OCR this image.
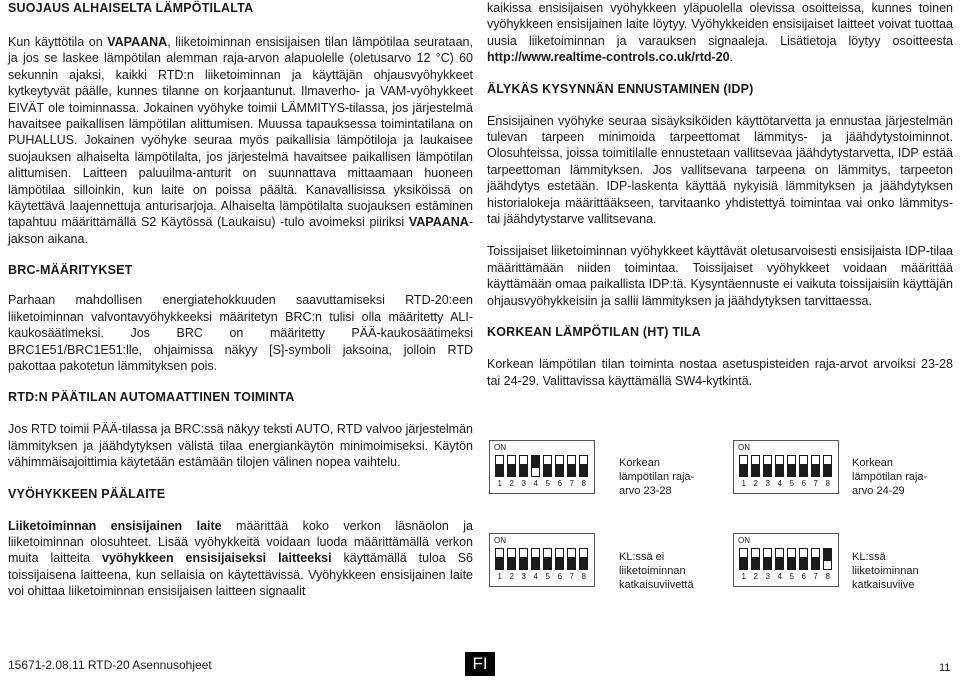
SUOJAUS ALHAISELTA LÄMPÖTILALTA

Kun käyttötila on VAPAANA, liiketoiminnan ensisijaisen tilan lämpötilaa seurataan, ja jos se laskee lämpötilan alemman raja-arvon alapuolelle (oletusarvo 12 °C) 60 sekunnin ajaksi, kaikki RTD:n liiketoiminnan ja käyttäjän ohjausvyöhykkeet kytkeytyvät päälle, kunnes tilanne on korjaantunut. Ilmaverho- ja VAM-vyöhykkeet EIVÄT ole toiminnassa. Jokainen vyöhyke toimii LÄMMITYS-tilassa, jos järjestelmä havaitsee paikallisen lämpötilan alittumisen. Muussa tapauksessa toimintatilana on PUHALLUS. Jokainen vyöhyke seuraa myös paikallisia lämpötiloja ja laukaisee suojauksen alhaiselta lämpötilalta, jos järjestelmä havaitsee paikallisen lämpötilan alittumisen. Laitteen paluuilma-anturit on suunnattava mittaamaan huoneen lämpötilaa silloinkin, kun laite on poissa päältä. Kanavallisissa yksiköissä on käytettävä laajennettuja anturisarjoja. Alhaiselta lämpötilalta suojauksen estäminen tapahtuu määrittämällä S2 Käytössä (Laukaisu) -tulo avoimeksi piiriksi VAPAANA-jakson aikana.

BRC-MÄÄRITYKSET

Parhaan mahdollisen energiatehokkuuden saavuttamiseksi RTD-20:een liiketoiminnan valvontavyöhykkeeksi määritetyn BRC:n tulisi olla määritetty ALI-kaukosäätimeksi. Jos BRC on määritetty PÄÄ-kaukosäätimeksi BRC1E51/BRC1E51:lle, ohjaimissa näkyy [S]-symboli jaksoina, jolloin RTD pakottaa pakotetun lämmityksen pois.

RTD:N PÄÄTILAN AUTOMAATTINEN TOIMINTA

Jos RTD toimii PÄÄ-tilassa ja BRC:ssä näkyy teksti AUTO, RTD valvoo järjestelmän lämmityksen ja jäähdytyksen välistä tilaa energiankäytön minimoimiseksi. Käytön vähimmäisajoittimia käytetään estämään tilojen välinen nopea vaihtelu.

VYÖHYKKEEN PÄÄLAITE

Liiketoiminnan ensisijainen laite määrittää koko verkon läsnäolon ja liiketoiminnan olosuhteet. Lisää vyöhykkeitä voidaan luoda määrittämällä verkon muita laitteita vyöhykkeen ensisijaiseksi laitteeksi käyttämällä tuloa S6 toissijaisena laitteena, kun sellaisia on käytettävissä. Vyöhykkeen ensisijainen laite voi ohittaa liiketoiminnan ensisijaisen laitteen signaalit

kaikissa ensisijaisen vyöhykkeen yläpuolella olevissa osoitteissa, kunnes toinen vyöhykkeen ensisijainen laite löytyy. Vyöhykkeiden ensisijaiset laitteet voivat tuottaa uusia liiketoiminnan ja varauksen signaaleja. Lisätietoja löytyy osoitteesta http://www.realtime-controls.co.uk/rtd-20.

ÄLYKÄS KYSYNNÄN ENNUSTAMINEN (IDP)

Ensisijainen vyöhyke seuraa sisäyksiköiden käyttötarvetta ja ennustaa järjestelmän tulevan tarpeen minimoida tarpeettomat lämmitys- ja jäähdytystoiminnot. Olosuhteissa, joissa toimitilalle ennustetaan vallitsevaa jäähdytystarvetta, IDP estää tarpeettoman lämmityksen. Jos vallitsevana tarpeena on lämmitys, tarpeeton jäähdytys estetään. IDP-laskenta käyttää nykyisiä lämmityksen ja jäähdytyksen historialokeja määrittääkseen, tarvitaanko yhdistettyä toimintaa vai onko lämmitys- tai jäähdytystarve vallitsevana.

Toissijaiset liiketoiminnan vyöhykkeet käyttävät oletusarvoisesti ensisijaista IDP-tilaa määrittämään niiden toimintaa. Toissijaiset vyöhykkeet voidaan määrittää käyttämään omaa paikallista IDP:tä. Kysyntäennuste ei vaikuta toissijaisiin käyttäjän ohjausvyöhykkeisiin ja sallii lämmityksen ja jäähdytyksen tarvittaessa.

KORKEAN LÄMPÖTILAN (HT) TILA

Korkean lämpötilan tilan toiminta nostaa asetuspisteiden raja-arvot arvoiksi 23-28 tai 24-29. Valittavissa käyttämällä SW4-kytkintä.

ON
1 2 3 4 5 6 7 8
Korkean
lämpötilan raja-
arvo 23-28
ON
1 2 3 4 5 6 7 8
Korkean
lämpötilan raja-
arvo 24-29
ON
1 2 3 4 5 6 7 8
KL:ssä ei
liiketoiminnan
katkaisuviivettä
ON
1 2 3 4 5 6 7 8
KL:ssä
liiketoiminnan
katkaisuviive
15671-2.08.11 RTD-20 Asennusohjeet	FI	11
